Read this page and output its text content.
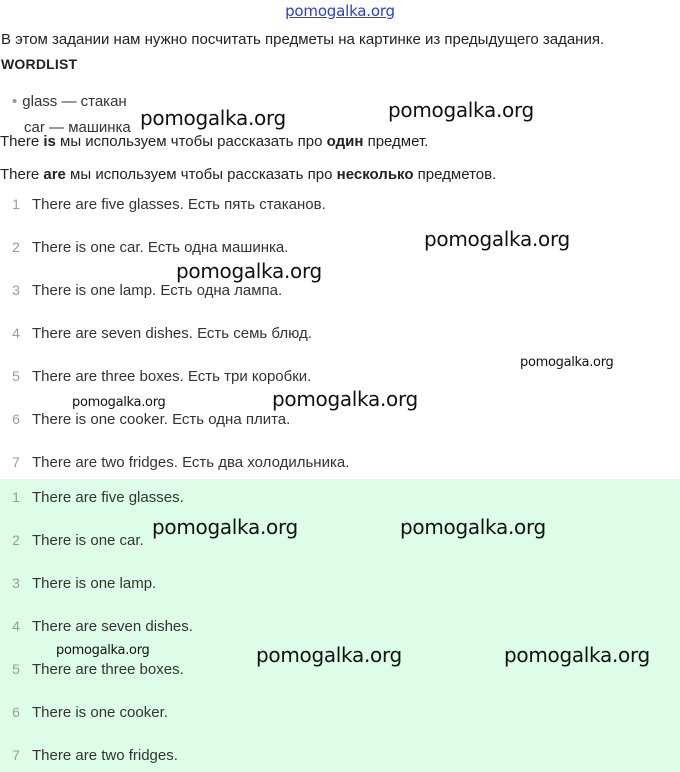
pomogalka.org
В этом задании нам нужно посчитать предметы на картинке из предыдущего задания.
WORDLIST
• glass — стакан
car — машинка
There is мы используем чтобы рассказать про один предмет.
There are мы используем чтобы рассказать про несколько предметов.
1 There are five glasses. Есть пять стаканов.
2 There is one car. Есть одна машинка.
3 There is one lamp. Есть одна лампа.
4 There are seven dishes. Есть семь блюд.
5 There are three boxes. Есть три коробки.
6 There is one cooker. Есть одна плита.
7 There are two fridges. Есть два холодильника.
1 There are five glasses.
2 There is one car.
3 There is one lamp.
4 There are seven dishes.
5 There are three boxes.
6 There is one cooker.
7 There are two fridges.
pomogalka.org	pomogalka.org
pomogalka.org
pomogalka.org
pomogalka.org
pomogalka.org
pomogalka.org
pomogalka.org	pomogalka.org
pomogalka.org	pomogalka.org	pomogalka.org
